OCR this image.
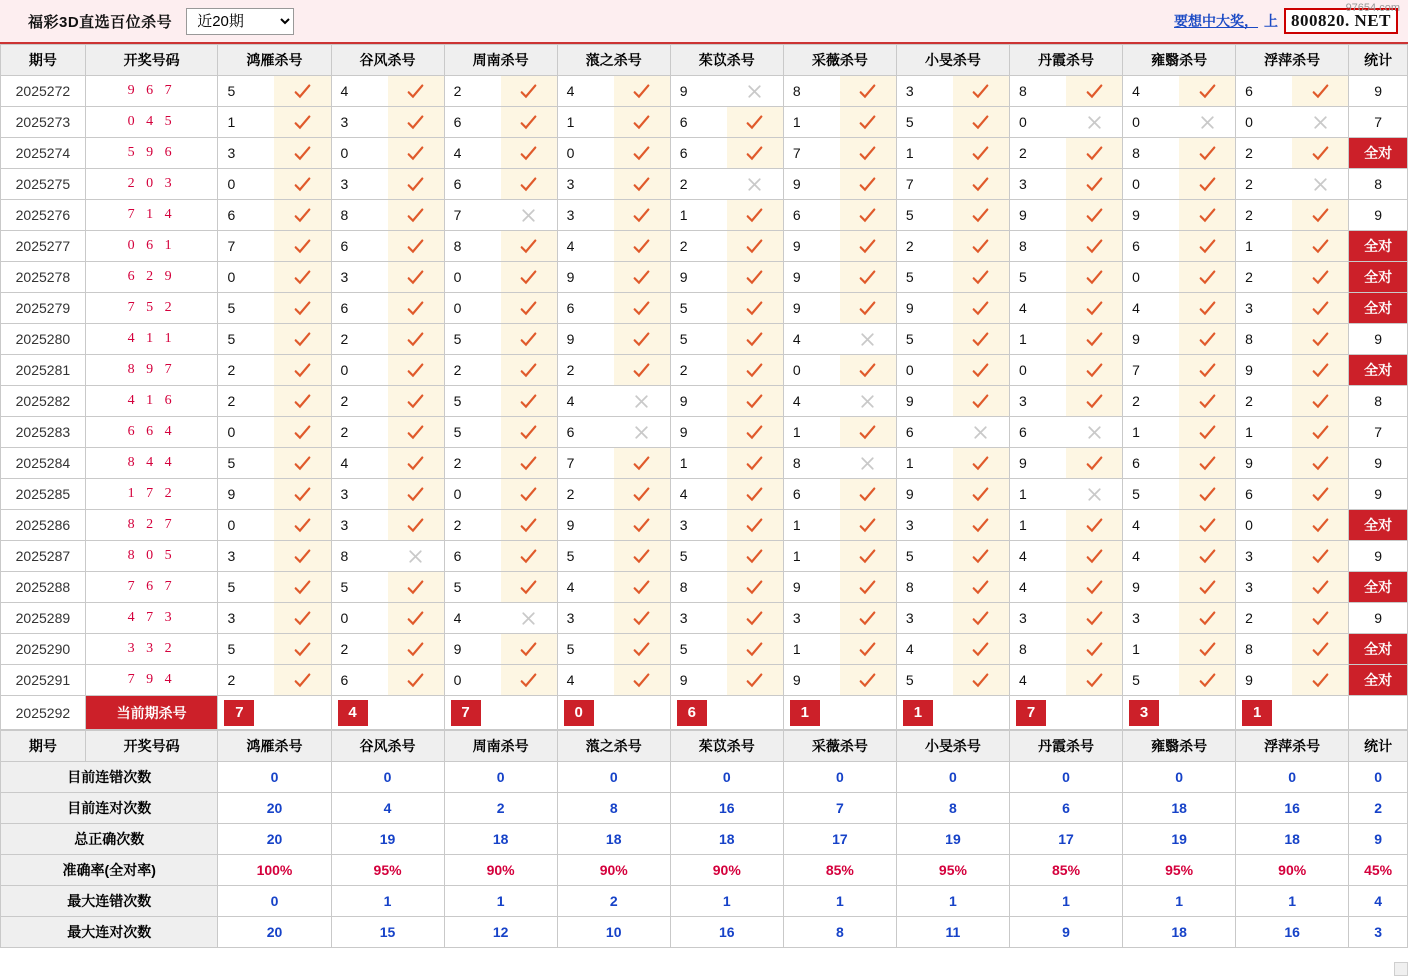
97654.com
福彩3D直选百位杀号
近20期	要想中大奖， 上 800820. NET
期号	开奖号码	鸿雁杀号	谷风杀号	周南杀号	蒗之杀号	茱苡杀号	采薇杀号	小旻杀号	丹霞杀号	雍翳杀号	浮萍杀号	统计
2025272	9 6 7	5	4	2	4	9	8	3	8	4	6	9
2025273	0 4 5	1	3	6	1	6	1	5	0	0	0	7
2025274	5 9 6	3	0	4	0	6	7	1	2	8	2	全对
2025275	2 0 3	0	3	6	3	2	9	7	3	0	2	8
2025276	7 1 4	6	8	7	3	1	6	5	9	9	2	9
2025277	0 6 1	7	6	8	4	2	9	2	8	6	1	全对
2025278	6 2 9	0	3	0	9	9	9	5	5	0	2	全对
2025279	7 5 2	5	6	0	6	5	9	9	4	4	3	全对
2025280	4 1 1	5	2	5	9	5	4	5	1	9	8	9
2025281	8 9 7	2	0	2	2	2	0	0	0	7	9	全对
2025282	4 1 6	2	2	5	4	9	4	9	3	2	2	8
2025283	6 6 4	0	2	5	6	9	1	6	6	1	1	7
2025284	8 4 4	5	4	2	7	1	8	1	9	6	9	9
2025285	1 7 2	9	3	0	2	4	6	9	1	5	6	9
2025286	8 2 7	0	3	2	9	3	1	3	1	4	0	全对
2025287	8 0 5	3	8	6	5	5	1	5	4	4	3	9
2025288	7 6 7	5	5	5	4	8	9	8	4	9	3	全对
2025289	4 7 3	3	0	4	3	3	3	3	3	3	2	9
2025290	3 3 2	5	2	9	5	5	1	4	8	1	8	全对
2025291	7 9 4	2	6	0	4	9	9	5	4	5	9	全对
2025292	当前期杀号	7	4	7	0	6	1	1	7	3	1	

期号	开奖号码	鸿雁杀号	谷风杀号	周南杀号	蒗之杀号	茱苡杀号	采薇杀号	小旻杀号	丹霞杀号	雍翳杀号	浮萍杀号	统计
目前连错次数		0	0	0	0	0	0	0	0	0	0	0
目前连对次数		20	4	2	8	16	7	8	6	18	16	2
总正确次数		20	19	18	18	18	17	19	17	19	18	9
准确率(全对率)		100%	95%	90%	90%	90%	85%	95%	85%	95%	90%	45%
最大连错次数		0	1	1	2	1	1	1	1	1	1	4
最大连对次数		20	15	12	10	16	8	11	9	18	16	3
